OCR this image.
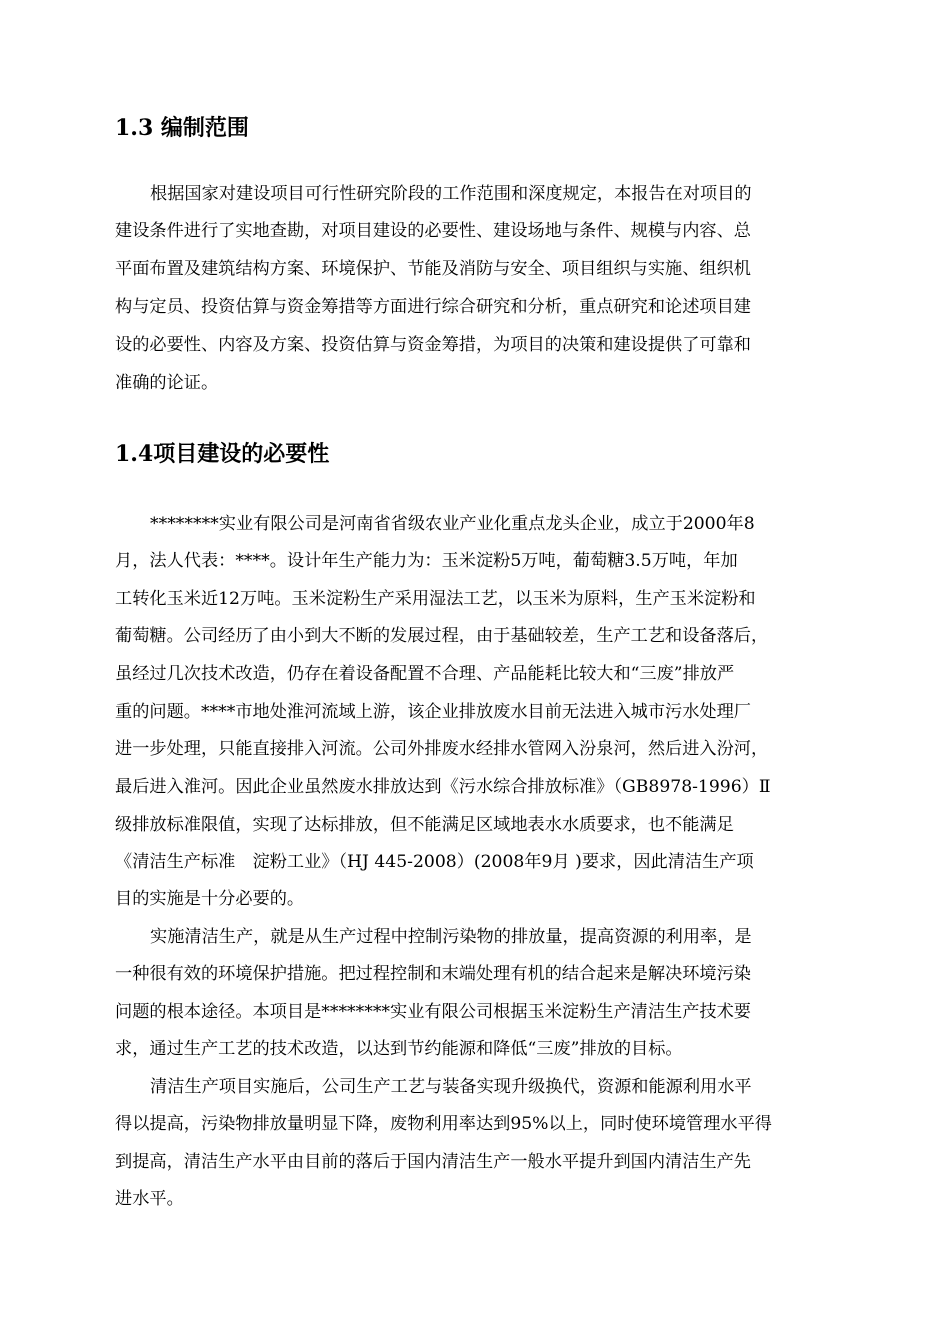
1.3 编制范围

根据国家对建设项目可行性研究阶段的工作范围和深度规定，本报告在对项目的

建设条件进行了实地查勘，对项目建设的必要性、建设场地与条件、规模与内容、总

平面布置及建筑结构方案、环境保护、节能及消防与安全、项目组织与实施、组织机

构与定员、投资估算与资金筹措等方面进行综合研究和分析，重点研究和论述项目建

设的必要性、内容及方案、投资估算与资金筹措，为项目的决策和建设提供了可靠和

准确的论证。

1.4项目建设的必要性

********实业有限公司是河南省省级农业产业化重点龙头企业，成立于2000年8

月，法人代表：****。设计年生产能力为：玉米淀粉5万吨，葡萄糖3.5万吨，年加

工转化玉米近12万吨。玉米淀粉生产采用湿法工艺，以玉米为原料，生产玉米淀粉和

葡萄糖。公司经历了由小到大不断的发展过程，由于基础较差，生产工艺和设备落后，

虽经过几次技术改造，仍存在着设备配置不合理、产品能耗比较大和“三废”排放严

重的问题。****市地处淮河流域上游，该企业排放废水目前无法进入城市污水处理厂

进一步处理，只能直接排入河流。公司外排废水经排水管网入汾泉河，然后进入汾河，

最后进入淮河。因此企业虽然废水排放达到《污水综合排放标准》（GB8978-1996）Ⅱ

级排放标准限值，实现了达标排放，但不能满足区域地表水水质要求，也不能满足

《清洁生产标准　淀粉工业》（HJ 445-2008）(2008年9月 )要求，因此清洁生产项

目的实施是十分必要的。

实施清洁生产，就是从生产过程中控制污染物的排放量，提高资源的利用率，是

一种很有效的环境保护措施。把过程控制和末端处理有机的结合起来是解决环境污染

问题的根本途径。本项目是********实业有限公司根据玉米淀粉生产清洁生产技术要

求，通过生产工艺的技术改造，以达到节约能源和降低“三废”排放的目标。

清洁生产项目实施后，公司生产工艺与装备实现升级换代，资源和能源利用水平

得以提高，污染物排放量明显下降，废物利用率达到95%以上，同时使环境管理水平得

到提高，清洁生产水平由目前的落后于国内清洁生产一般水平提升到国内清洁生产先

进水平。
